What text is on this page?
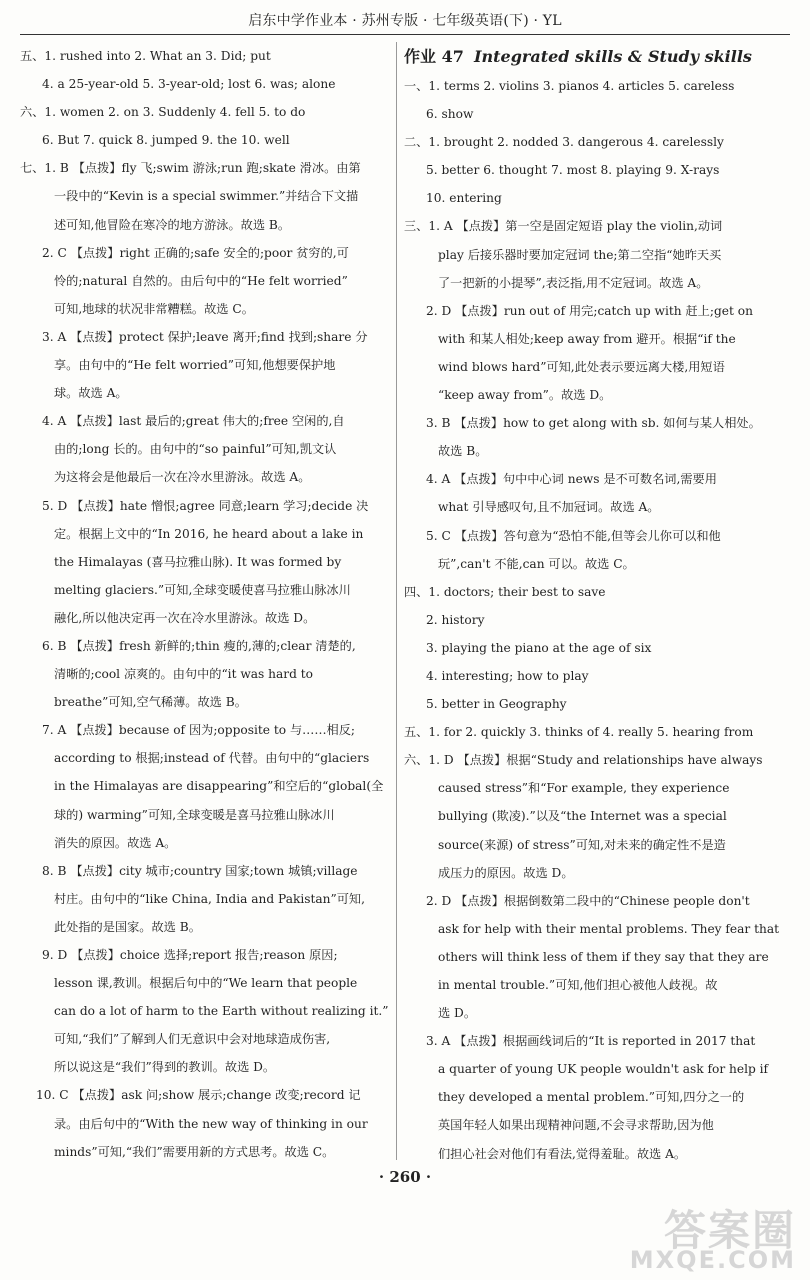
启东中学作业本 · 苏州专版 · 七年级英语(下) · YL
五、1. rushed into 2. What an 3. Did; put
4. a 25-year-old 5. 3-year-old; lost 6. was; alone
六、1. women 2. on 3. Suddenly 4. fell 5. to do
6. But 7. quick 8. jumped 9. the 10. well
七、1. B 【点拨】fly 飞;swim 游泳;run 跑;skate 滑冰。由第
一段中的“Kevin is a special swimmer.”并结合下文描
述可知,他冒险在寒冷的地方游泳。故选 B。
2. C 【点拨】right 正确的;safe 安全的;poor 贫穷的,可
怜的;natural 自然的。由后句中的“He felt worried”
可知,地球的状况非常糟糕。故选 C。
3. A 【点拨】protect 保护;leave 离开;find 找到;share 分
享。由句中的“He felt worried”可知,他想要保护地
球。故选 A。
4. A 【点拨】last 最后的;great 伟大的;free 空闲的,自
由的;long 长的。由句中的“so painful”可知,凯文认
为这将会是他最后一次在冷水里游泳。故选 A。
5. D 【点拨】hate 憎恨;agree 同意;learn 学习;decide 决
定。根据上文中的“In 2016, he heard about a lake in
the Himalayas (喜马拉雅山脉). It was formed by
melting glaciers.”可知,全球变暖使喜马拉雅山脉冰川
融化,所以他决定再一次在冷水里游泳。故选 D。
6. B 【点拨】fresh 新鲜的;thin 瘦的,薄的;clear 清楚的,
清晰的;cool 凉爽的。由句中的“it was hard to
breathe”可知,空气稀薄。故选 B。
7. A 【点拨】because of 因为;opposite to 与……相反;
according to 根据;instead of 代替。由句中的“glaciers
in the Himalayas are disappearing”和空后的“global(全
球的) warming”可知,全球变暖是喜马拉雅山脉冰川
消失的原因。故选 A。
8. B 【点拨】city 城市;country 国家;town 城镇;village
村庄。由句中的“like China, India and Pakistan”可知,
此处指的是国家。故选 B。
9. D 【点拨】choice 选择;report 报告;reason 原因;
lesson 课,教训。根据后句中的“We learn that people
can do a lot of harm to the Earth without realizing it.”
可知,“我们”了解到人们无意识中会对地球造成伤害,
所以说这是“我们”得到的教训。故选 D。
10. C 【点拨】ask 问;show 展示;change 改变;record 记
录。由后句中的“With the new way of thinking in our
minds”可知,“我们”需要用新的方式思考。故选 C。
作业 47 Integrated skills & Study skills
一、1. terms 2. violins 3. pianos 4. articles 5. careless
6. show
二、1. brought 2. nodded 3. dangerous 4. carelessly
5. better 6. thought 7. most 8. playing 9. X-rays
10. entering
三、1. A 【点拨】第一空是固定短语 play the violin,动词
play 后接乐器时要加定冠词 the;第二空指“她昨天买
了一把新的小提琴”,表泛指,用不定冠词。故选 A。
2. D 【点拨】run out of 用完;catch up with 赶上;get on
with 和某人相处;keep away from 避开。根据“if the
wind blows hard”可知,此处表示要远离大楼,用短语
“keep away from”。故选 D。
3. B 【点拨】how to get along with sb. 如何与某人相处。
故选 B。
4. A 【点拨】句中中心词 news 是不可数名词,需要用
what 引导感叹句,且不加冠词。故选 A。
5. C 【点拨】答句意为“恐怕不能,但等会儿你可以和他
玩”,can't 不能,can 可以。故选 C。
四、1. doctors; their best to save
2. history
3. playing the piano at the age of six
4. interesting; how to play
5. better in Geography
五、1. for 2. quickly 3. thinks of 4. really 5. hearing from
六、1. D 【点拨】根据“Study and relationships have always
caused stress”和“For example, they experience
bullying (欺凌).”以及“the Internet was a special
source(来源) of stress”可知,对未来的确定性不是造
成压力的原因。故选 D。
2. D 【点拨】根据倒数第二段中的“Chinese people don't
ask for help with their mental problems. They fear that
others will think less of them if they say that they are
in mental trouble.”可知,他们担心被他人歧视。故
选 D。
3. A 【点拨】根据画线词后的“It is reported in 2017 that
a quarter of young UK people wouldn't ask for help if
they developed a mental problem.”可知,四分之一的
英国年轻人如果出现精神问题,不会寻求帮助,因为他
们担心社会对他们有看法,觉得羞耻。故选 A。
· 260 ·
答案圈
MXQE.COM
